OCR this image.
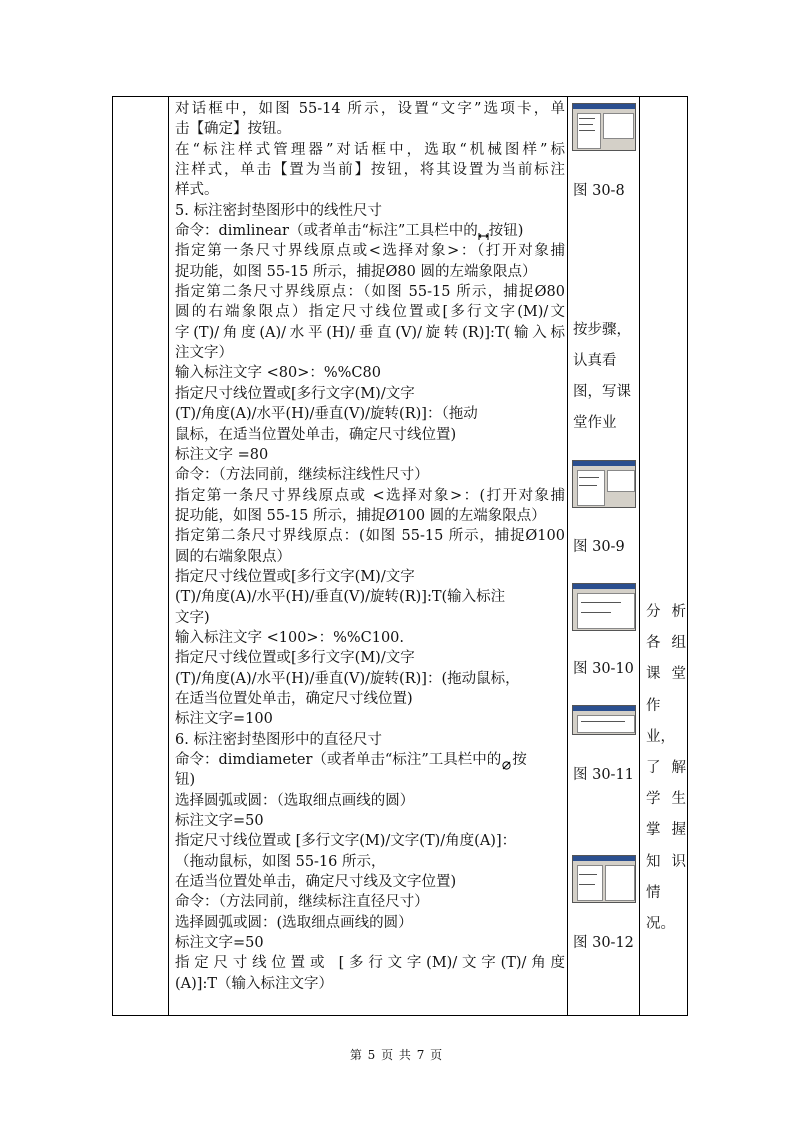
对话框中，如图 55-14 所示，设置“文字”选项卡，单
击【确定】按钮。
在“标注样式管理器”对话框中，选取“机械图样”标
注样式，单击【置为当前】按钮，将其设置为当前标注
样式。
5. 标注密封垫图形中的线性尺寸
命令：dimlinear（或者单击“标注”工具栏中的 按钮)
指定第一条尺寸界线原点或<选择对象>：（打开对象捕
捉功能，如图 55-15 所示，捕捉Ø80 圆的左端象限点）
指定第二条尺寸界线原点：（如图 55-15 所示，捕捉Ø80
圆的右端象限点）指定尺寸线位置或[多行文字(M)/文
字(T)/角度(A)/水平(H)/垂直(V)/旋转(R)]:T(输入标
注文字）
输入标注文字 <80>：%%C80
指定尺寸线位置或[多行文字(M)/文字
(T)/角度(A)/水平(H)/垂直(V)/旋转(R)]：（拖动
鼠标，在适当位置处单击，确定尺寸线位置)
标注文字 =80
命令：（方法同前，继续标注线性尺寸）
指定第一条尺寸界线原点或 <选择对象>：(打开对象捕
捉功能，如图 55-15 所示，捕捉Ø100 圆的左端象限点）
指定第二条尺寸界线原点：(如图 55-15 所示，捕捉Ø100
圆的右端象限点）
指定尺寸线位置或[多行文字(M)/文字
(T)/角度(A)/水平(H)/垂直(V)/旋转(R)]:T(输入标注
文字)
输入标注文字 <100>：%%C100.
指定尺寸线位置或[多行文字(M)/文字
(T)/角度(A)/水平(H)/垂直(V)/旋转(R)]：(拖动鼠标，
在适当位置处单击，确定尺寸线位置)
标注文字=100
6. 标注密封垫图形中的直径尺寸
命令：dimdiameter（或者单击“标注”工具栏中的 按
钮)
选择圆弧或圆：（选取细点画线的圆）
标注文字=50
指定尺寸线位置或 [多行文字(M)/文字(T)/角度(A)]：
（拖动鼠标，如图 55-16 所示，
在适当位置处单击，确定尺寸线及文字位置)
命令：（方法同前，继续标注直径尺寸）
选择圆弧或圆：(选取细点画线的圆）
标注文字=50
指定尺寸线位置或 [多行文字(M)/文字(T)/角度
(A)]:T（输入标注文字）
图 30-8
按步骤，
认真看
图，写课
堂作业
图 30-9
图 30-10
图 30-11
图 30-12
分析
各组
课堂
作
业，
了解
学生
掌握
知识
情
况。
第 5 页 共 7 页
